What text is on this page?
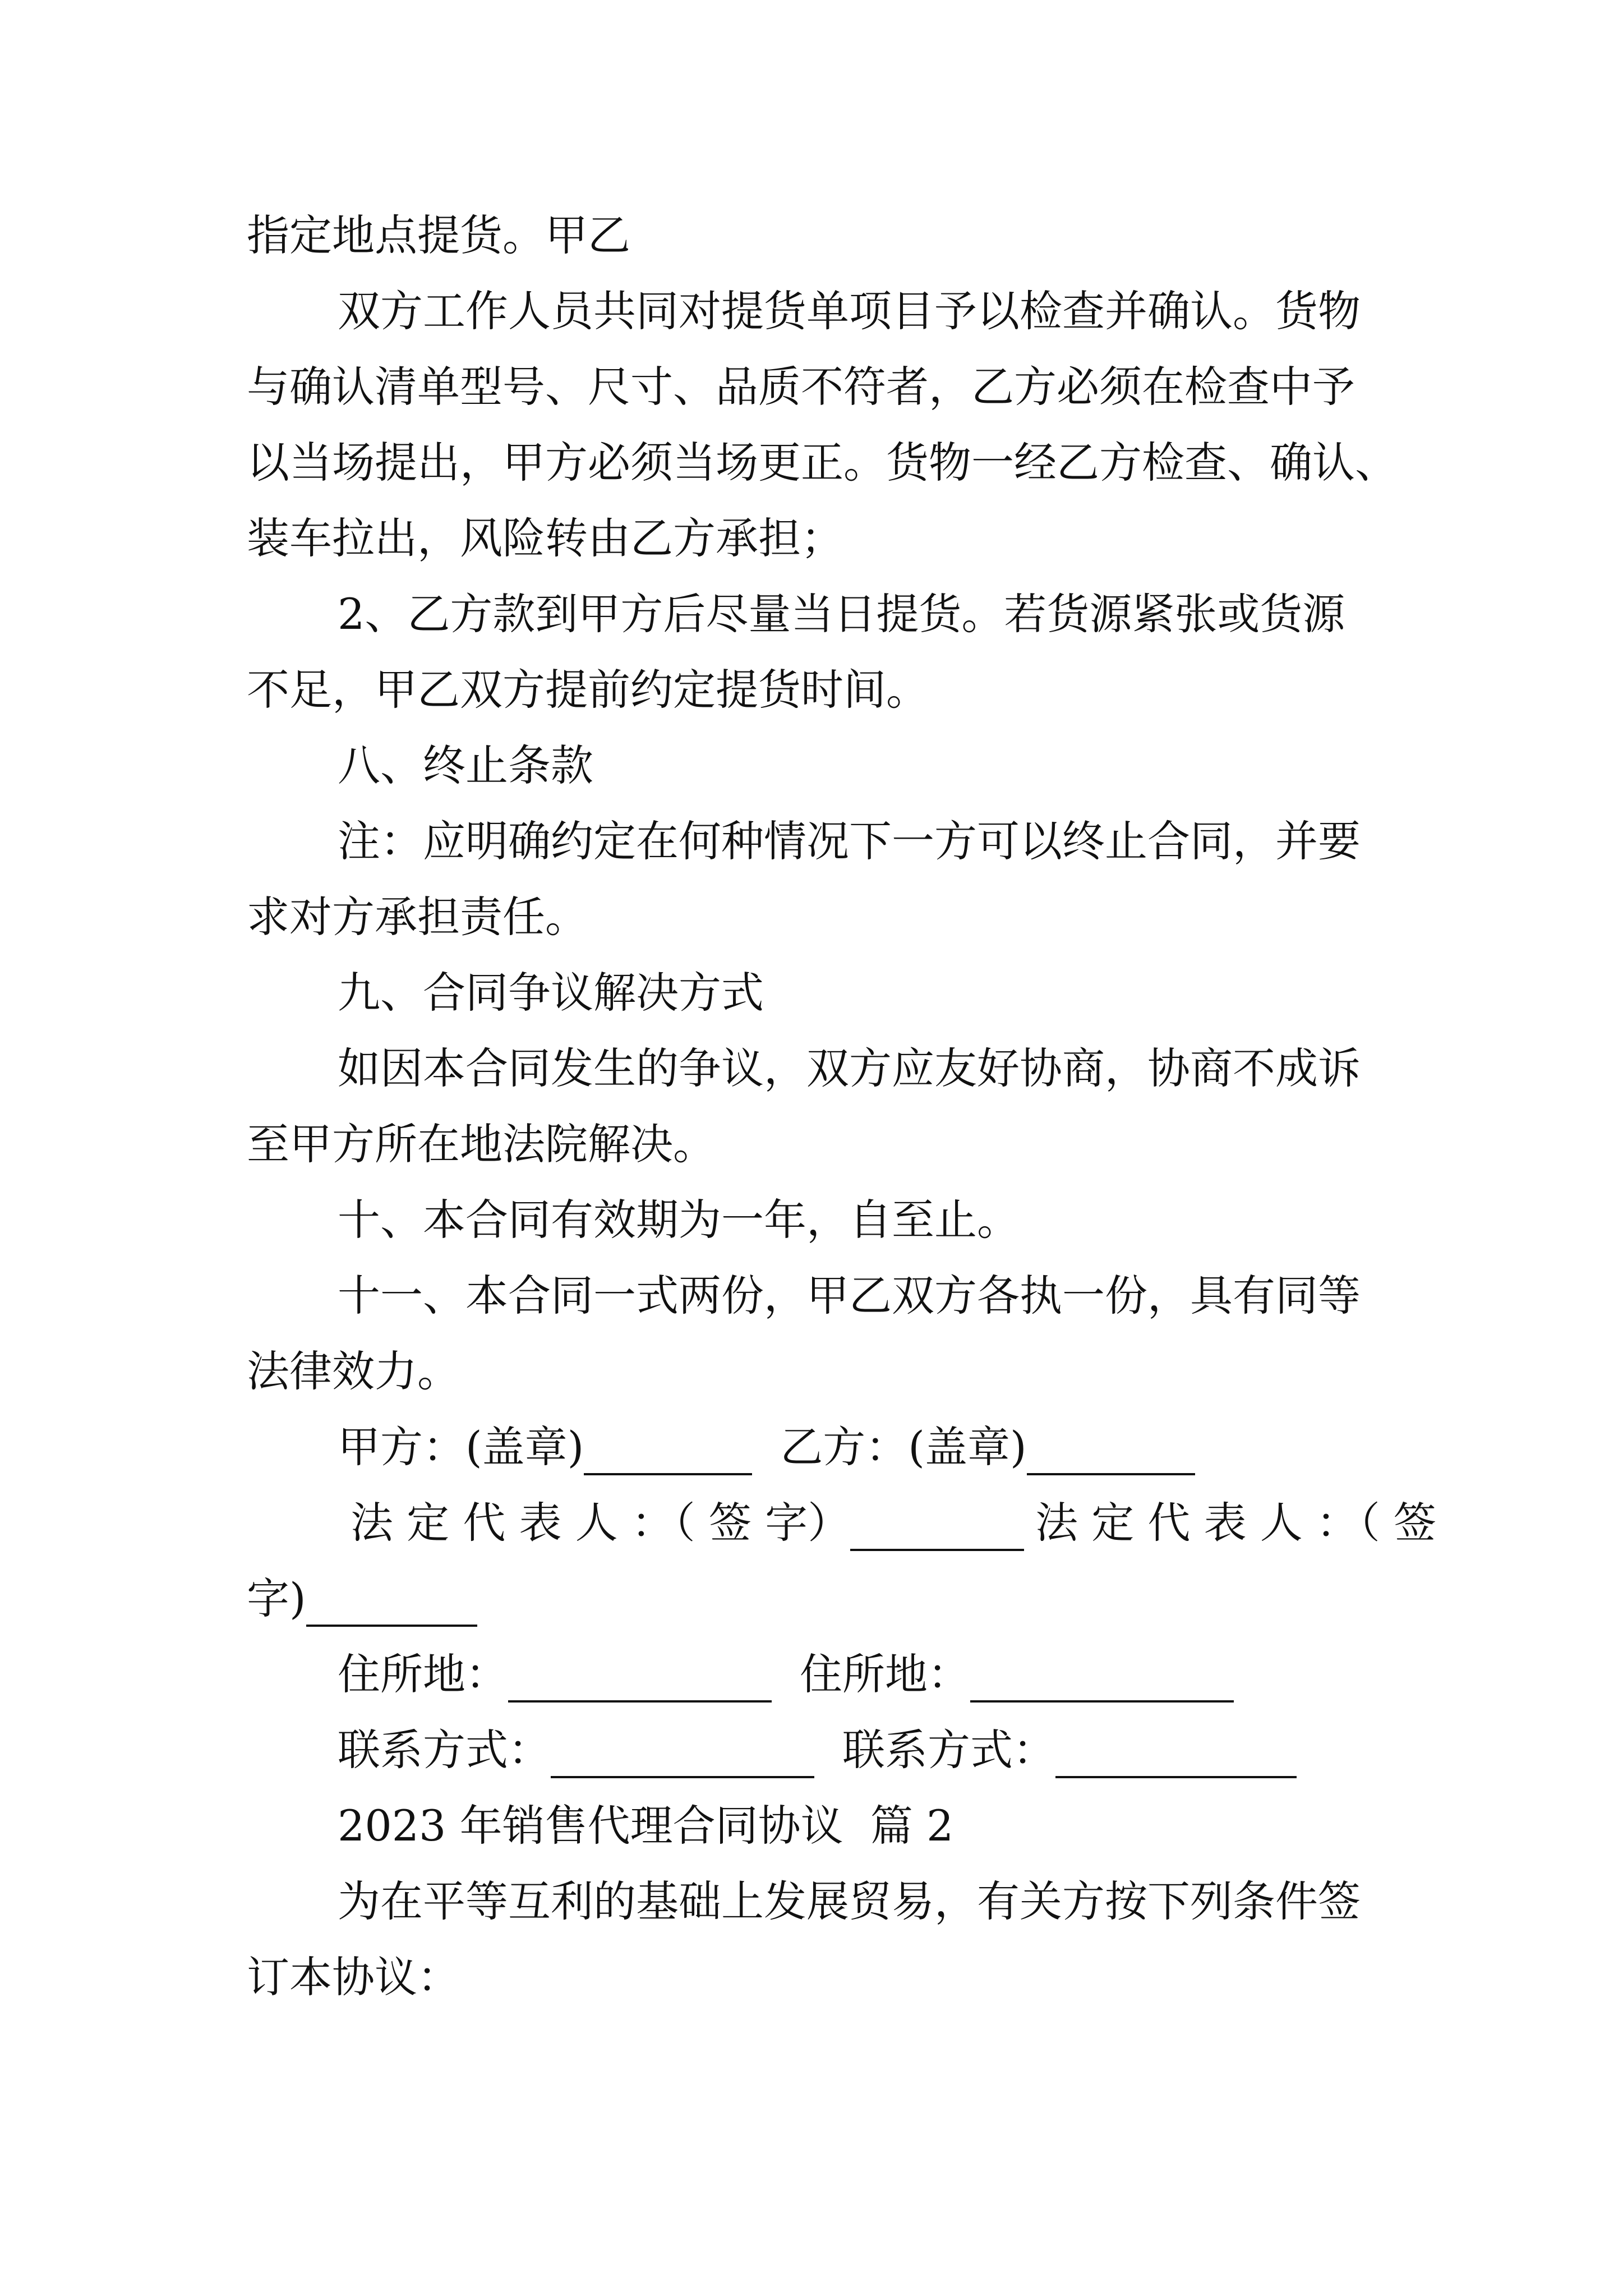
指定地点提货。甲乙

双方工作人员共同对提货单项目予以检查并确认。货物

与确认清单型号、尺寸、品质不符者，乙方必须在检查中予

以当场提出，甲方必须当场更正。货物一经乙方检查、确认、

装车拉出，风险转由乙方承担；

2、乙方款到甲方后尽量当日提货。若货源紧张或货源

不足，甲乙双方提前约定提货时间。

八、终止条款

注：应明确约定在何种情况下一方可以终止合同，并要

求对方承担责任。

九、合同争议解决方式

如因本合同发生的争议，双方应友好协商，协商不成诉

至甲方所在地法院解决。

十、本合同有效期为一年，自至止。

十一、本合同一式两份，甲乙双方各执一份，具有同等

法律效力。

甲方：(盖章)	乙方：(盖章)
法 定 代 表 人 ：（ 签 字）	法 定 代 表 人 ：（ 签
字)
住所地：	住所地：
联系方式：	联系方式：

2023 年销售代理合同协议  篇 2

为在平等互利的基础上发展贸易，有关方按下列条件签

订本协议：
